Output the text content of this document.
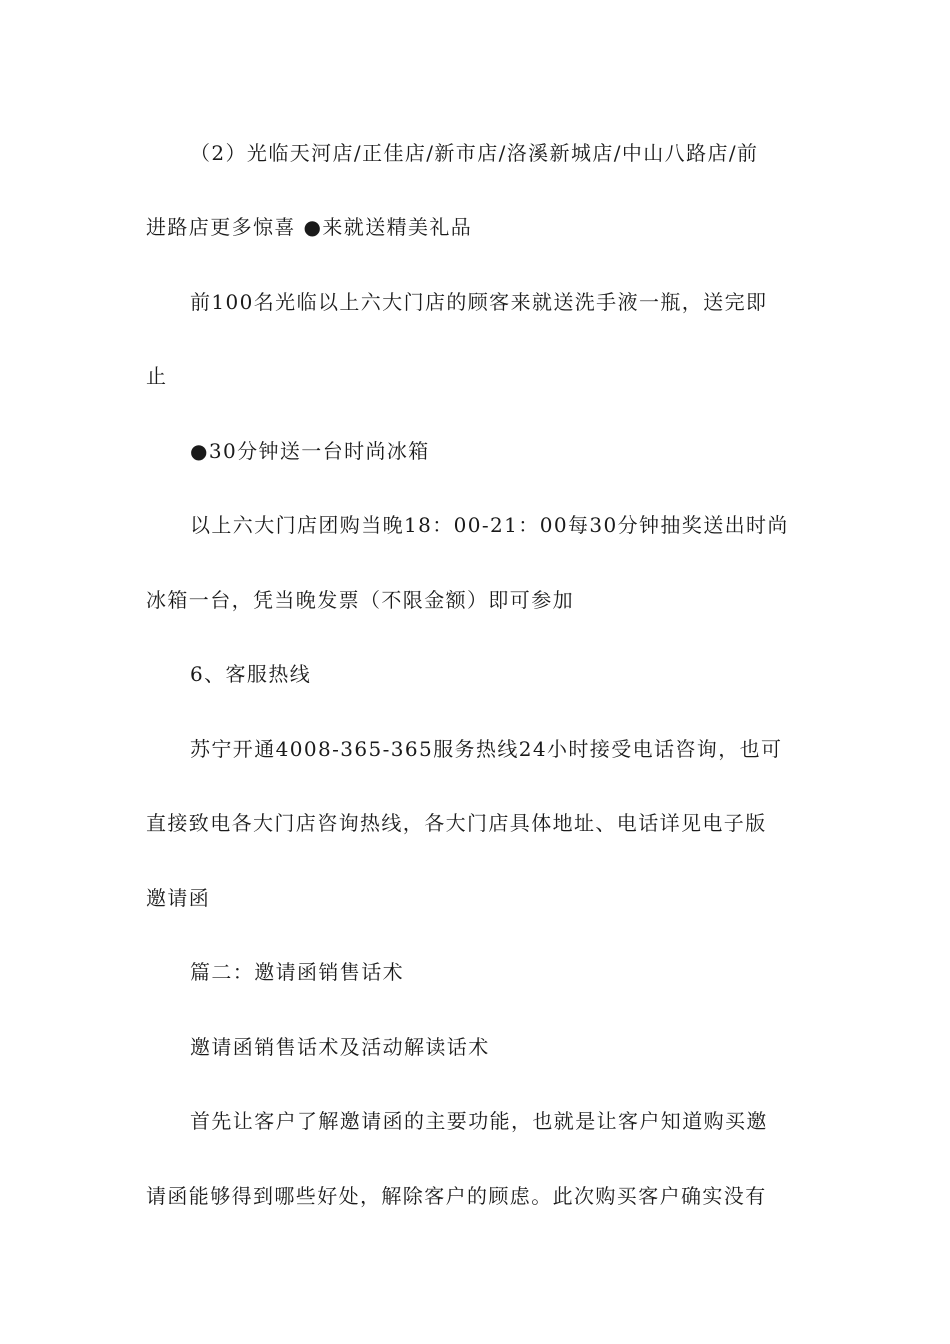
（2）光临天河店/正佳店/新市店/洛溪新城店/中山八路店/前
进路店更多惊喜 ●来就送精美礼品
前100名光临以上六大门店的顾客来就送洗手液一瓶，送完即
止
●30分钟送一台时尚冰箱
以上六大门店团购当晚18：00-21：00每30分钟抽奖送出时尚
冰箱一台，凭当晚发票（不限金额）即可参加
6、客服热线
苏宁开通4008-365-365服务热线24小时接受电话咨询，也可
直接致电各大门店咨询热线，各大门店具体地址、电话详见电子版
邀请函
篇二：邀请函销售话术
邀请函销售话术及活动解读话术
首先让客户了解邀请函的主要功能，也就是让客户知道购买邀
请函能够得到哪些好处，解除客户的顾虑。此次购买客户确实没有
